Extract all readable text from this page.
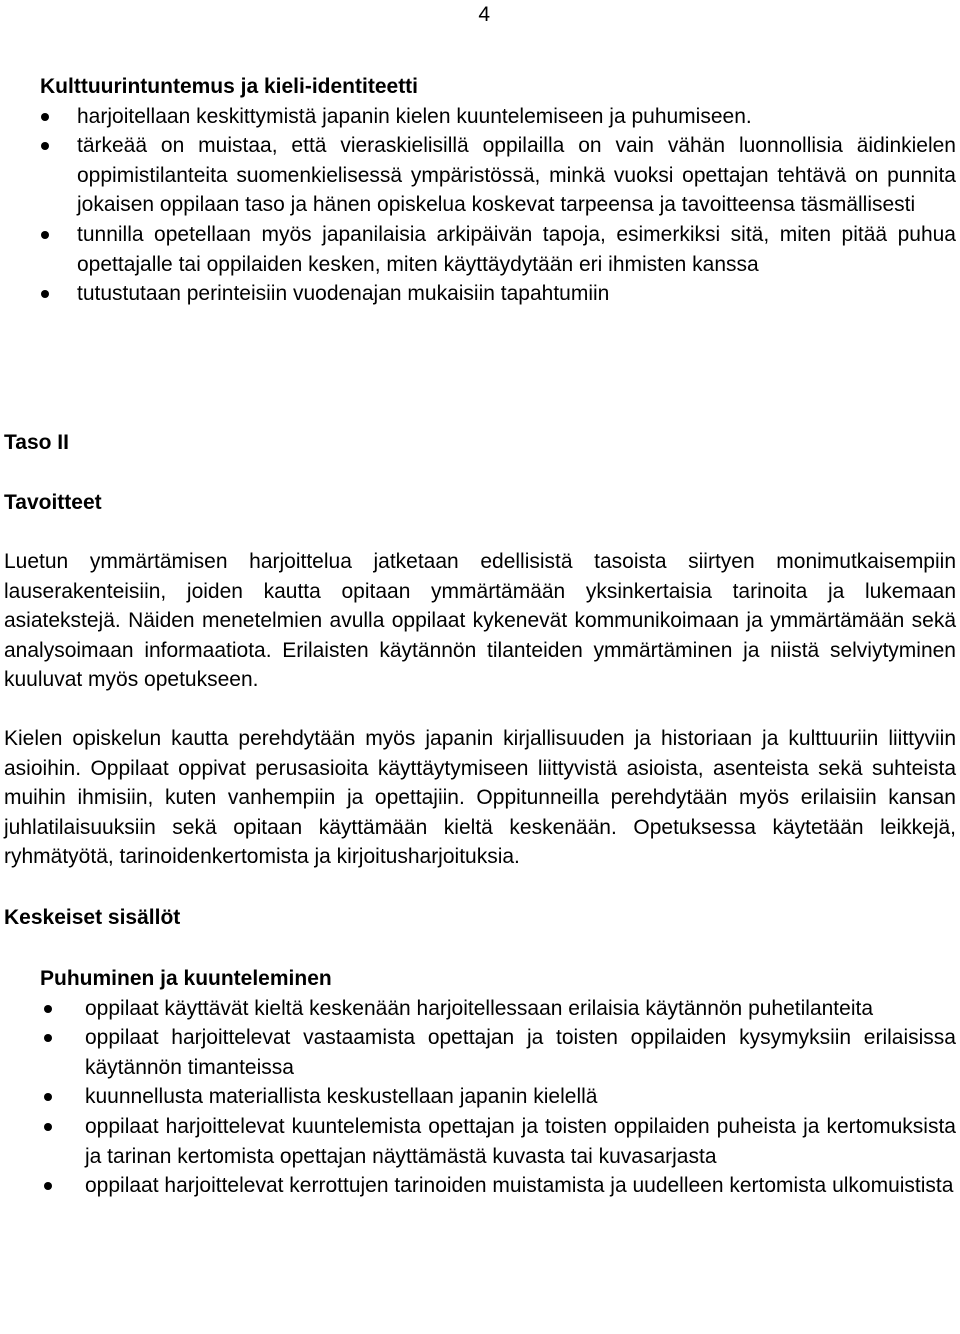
4
Kulttuurintuntemus ja kieli-identiteetti
harjoitellaan keskittymistä japanin kielen kuuntelemiseen ja puhumiseen.
tärkeää on muistaa, että vieraskielisillä oppilailla on vain vähän luonnollisia äidinkielen oppimistilanteita suomenkielisessä ympäristössä, minkä vuoksi opettajan tehtävä on punnita jokaisen oppilaan taso ja hänen opiskelua koskevat tarpeensa ja tavoitteensa täsmällisesti
tunnilla opetellaan myös japanilaisia arkipäivän tapoja, esimerkiksi sitä, miten pitää puhua opettajalle tai oppilaiden kesken, miten käyttäydytään eri ihmisten kanssa
tutustutaan perinteisiin vuodenajan mukaisiin tapahtumiin
Taso II
Tavoitteet

Luetun ymmärtämisen harjoittelua jatketaan edellisistä tasoista siirtyen monimutkaisempiin lauserakenteisiin, joiden kautta opitaan ymmärtämään yksinkertaisia tarinoita ja lukemaan asiatekstejä. Näiden menetelmien avulla oppilaat kykenevät kommunikoimaan ja ymmärtämään sekä analysoimaan informaatiota. Erilaisten käytännön tilanteiden ymmärtäminen ja niistä selviytyminen kuuluvat myös opetukseen.

Kielen opiskelun kautta perehdytään myös japanin kirjallisuuden ja historiaan ja kulttuuriin liittyviin asioihin. Oppilaat oppivat perusasioita käyttäytymiseen liittyvistä asioista, asenteista sekä suhteista muihin ihmisiin, kuten vanhempiin ja opettajiin. Oppitunneilla perehdytään myös erilaisiin kansan juhlatilaisuuksiin sekä opitaan käyttämään kieltä keskenään. Opetuksessa käytetään leikkejä, ryhmätyötä, tarinoidenkertomista ja kirjoitusharjoituksia.

Keskeiset sisällöt
Puhuminen ja kuunteleminen
oppilaat käyttävät kieltä keskenään harjoitellessaan erilaisia käytännön puhetilanteita
oppilaat harjoittelevat vastaamista opettajan ja toisten oppilaiden kysymyksiin erilaisissa käytännön timanteissa
kuunnellusta materiallista keskustellaan japanin kielellä
oppilaat harjoittelevat kuuntelemista opettajan ja toisten oppilaiden puheista ja kertomuksista ja tarinan kertomista opettajan näyttämästä kuvasta tai kuvasarjasta
oppilaat harjoittelevat kerrottujen tarinoiden muistamista ja uudelleen kertomista ulkomuistista
